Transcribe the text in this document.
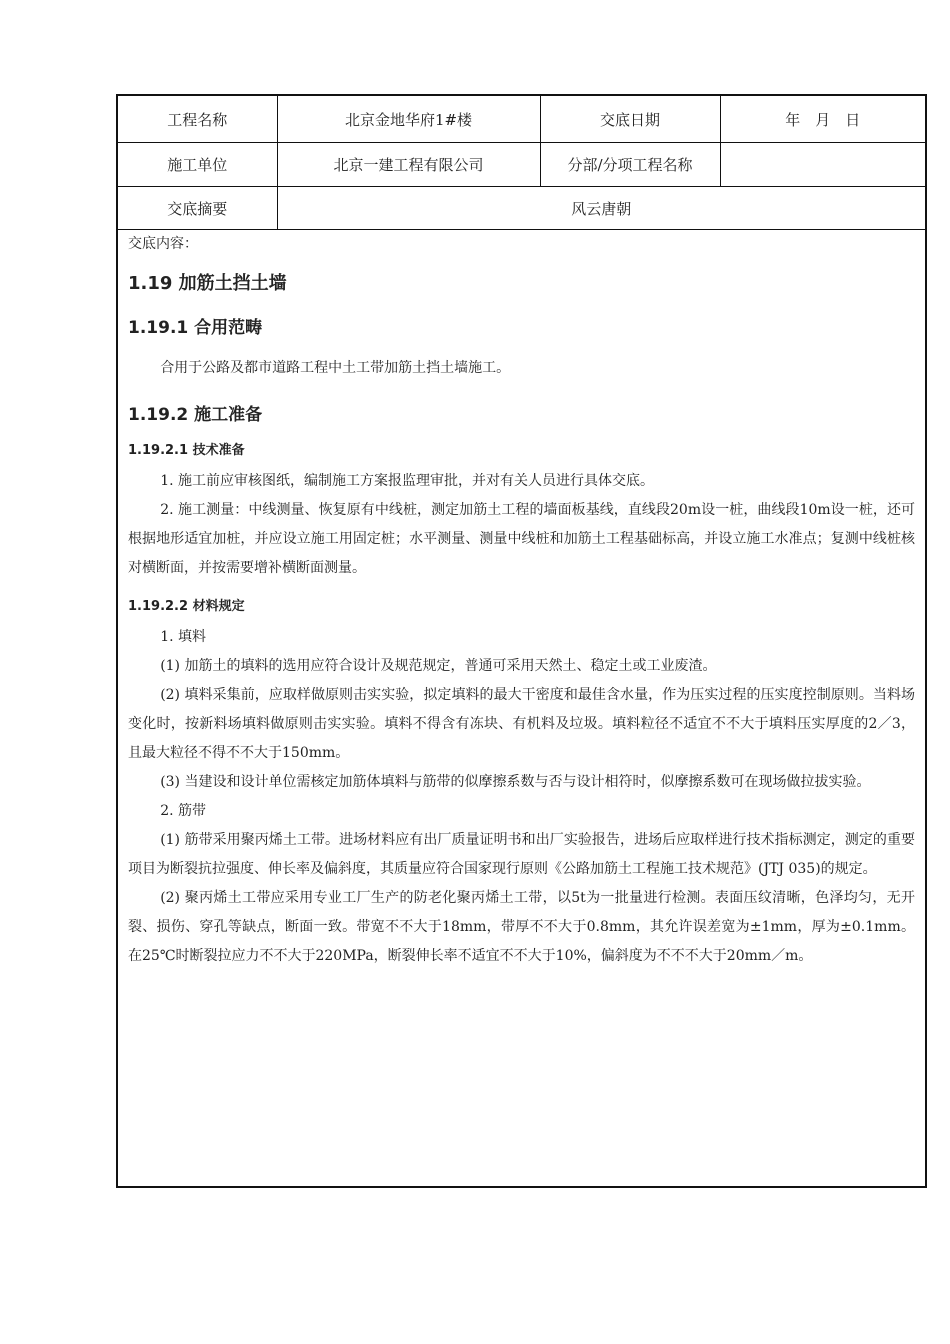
工程名称	北京金地华府1#楼	交底日期	年　月　日
施工单位	北京一建工程有限公司	分部/分项工程名称	
交底摘要	风云唐朝		
交底内容：
1.19 加筋土挡土墙
1.19.1 合用范畴

合用于公路及都市道路工程中土工带加筋土挡土墙施工。

1.19.2 施工准备
1.19.2.1 技术准备

1. 施工前应审核图纸，编制施工方案报监理审批，并对有关人员进行具体交底。

2. 施工测量：中线测量、恢复原有中线桩，测定加筋土工程的墙面板基线，直线段20m设一桩，曲线段10m设一桩，还可根据地形适宜加桩，并应设立施工用固定桩；水平测量、测量中线桩和加筋土工程基础标高，并设立施工水准点；复测中线桩核对横断面，并按需要增补横断面测量。

1.19.2.2 材料规定

1. 填料

(1) 加筋土的填料的选用应符合设计及规范规定，普通可采用天然土、稳定土或工业废渣。

(2) 填料采集前，应取样做原则击实实验，拟定填料的最大干密度和最佳含水量，作为压实过程的压实度控制原则。当料场变化时，按新料场填料做原则击实实验。填料不得含有冻块、有机料及垃圾。填料粒径不适宜不不大于填料压实厚度的2／3，且最大粒径不得不不大于150mm。

(3) 当建设和设计单位需核定加筋体填料与筋带的似摩擦系数与否与设计相符时，似摩擦系数可在现场做拉拔实验。

2. 筋带

(1) 筋带采用聚丙烯土工带。进场材料应有出厂质量证明书和出厂实验报告，进场后应取样进行技术指标测定，测定的重要项目为断裂抗拉强度、伸长率及偏斜度，其质量应符合国家现行原则《公路加筋土工程施工技术规范》(JTJ 035)的规定。

(2) 聚丙烯土工带应采用专业工厂生产的防老化聚丙烯土工带，以5t为一批量进行检测。表面压纹清晰，色泽均匀，无开裂、损伤、穿孔等缺点，断面一致。带宽不不大于18mm，带厚不不大于0.8mm，其允许误差宽为±1mm，厚为±0.1mm。在25℃时断裂拉应力不不大于220MPa，断裂伸长率不适宜不不大于10%，偏斜度为不不不大于20mm／m。
